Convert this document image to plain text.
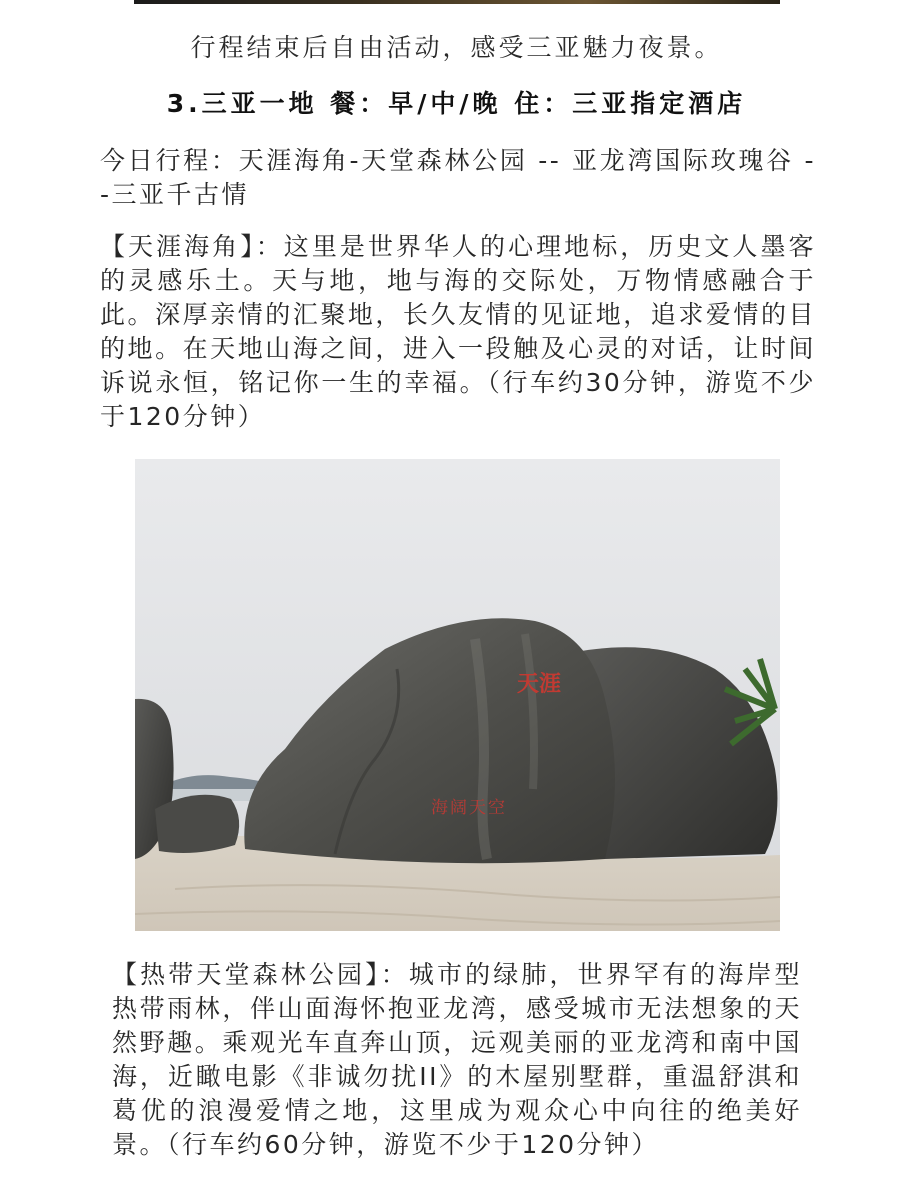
行程结束后自由活动，感受三亚魅力夜景。
3.三亚一地 餐：早/中/晚 住：三亚指定酒店

今日行程：天涯海角-天堂森林公园 -- 亚龙湾国际玫瑰谷 --三亚千古情

【天涯海角】：这里是世界华人的心理地标，历史文人墨客的灵感乐土。天与地，地与海的交际处，万物情感融合于此。深厚亲情的汇聚地，长久友情的见证地，追求爱情的目的地。在天地山海之间，进入一段触及心灵的对话，让时间诉说永恒，铭记你一生的幸福。（行车约30分钟，游览不少于120分钟）

天涯
海阔天空

【热带天堂森林公园】：城市的绿肺，世界罕有的海岸型热带雨林，伴山面海怀抱亚龙湾，感受城市无法想象的天然野趣。乘观光车直奔山顶，远观美丽的亚龙湾和南中国海，近瞰电影《非诚勿扰II》的木屋别墅群，重温舒淇和葛优的浪漫爱情之地，这里成为观众心中向往的绝美好景。（行车约60分钟，游览不少于120分钟）
